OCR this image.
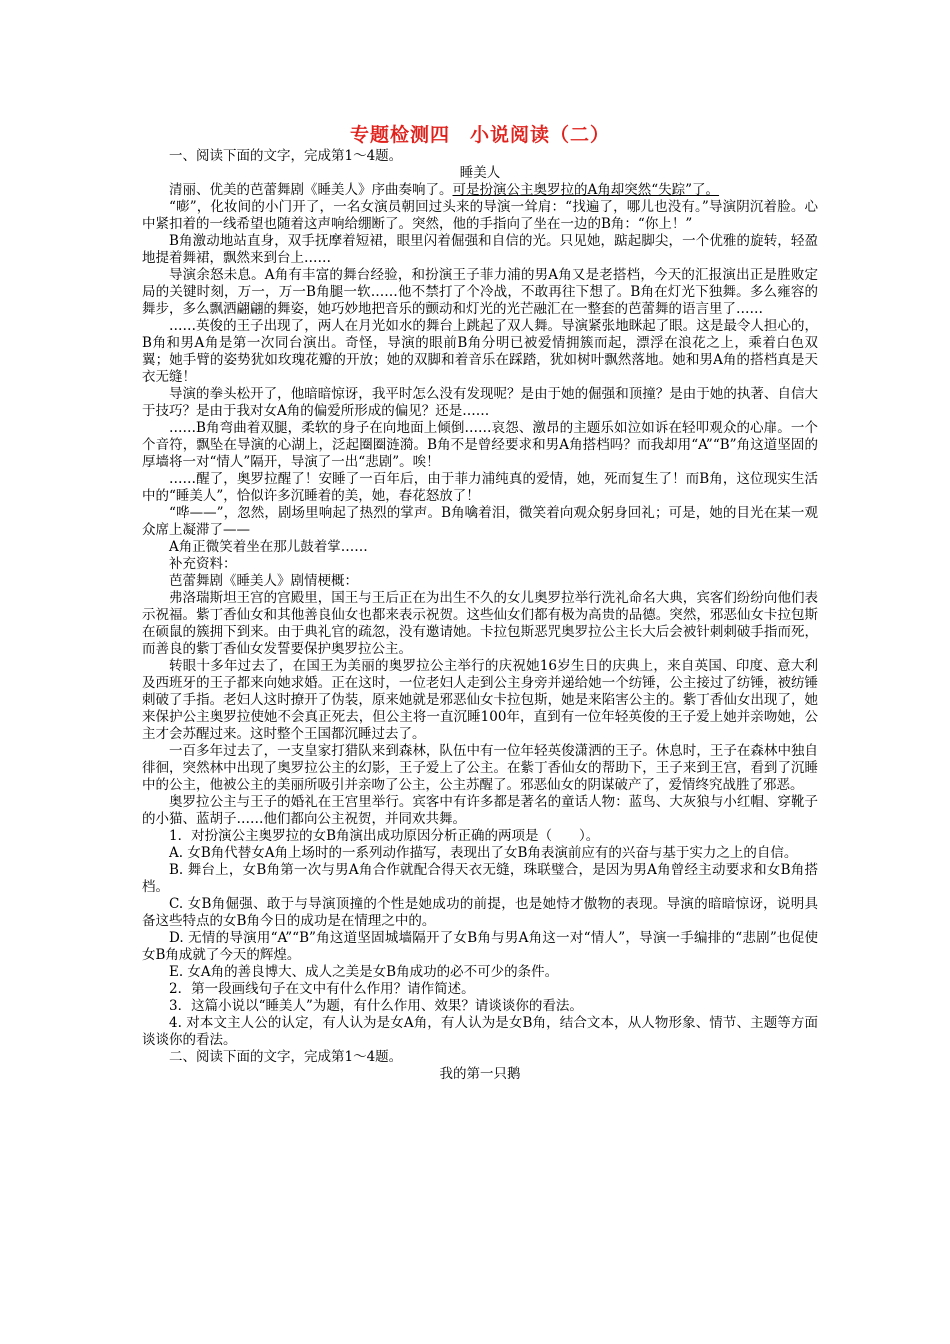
专题检测四　小说阅读（二）

一、阅读下面的文字，完成第1～4题。

睡美人

清丽、优美的芭蕾舞剧《睡美人》序曲奏响了。可是扮演公主奥罗拉的A角却突然“失踪”了。

“嘭”，化妆间的小门开了，一名女演员朝回过头来的导演一耸肩：“找遍了，哪儿也没有。”导演阴沉着脸。心中紧扣着的一线希望也随着这声响给绷断了。突然，他的手指向了坐在一边的B角：“你上！”

B角激动地站直身，双手抚摩着短裙，眼里闪着倔强和自信的光。只见她，踮起脚尖，一个优雅的旋转，轻盈地提着舞裙，飘然来到台上……

导演余怒未息。A角有丰富的舞台经验，和扮演王子菲力浦的男A角又是老搭档，今天的汇报演出正是胜败定局的关键时刻，万一，万一B角腿一软……他不禁打了个冷战，不敢再往下想了。B角在灯光下独舞。多么雍容的舞步，多么飘洒翩翩的舞姿，她巧妙地把音乐的颤动和灯光的光芒融汇在一整套的芭蕾舞的语言里了……

……英俊的王子出现了，两人在月光如水的舞台上跳起了双人舞。导演紧张地眯起了眼。这是最令人担心的，B角和男A角是第一次同台演出。奇怪，导演的眼前B角分明已被爱情拥簇而起，漂浮在浪花之上，乘着白色双翼；她手臂的姿势犹如玫瑰花瓣的开放；她的双脚和着音乐在踩踏，犹如树叶飘然落地。她和男A角的搭档真是天衣无缝！

导演的拳头松开了，他暗暗惊讶，我平时怎么没有发现呢？是由于她的倔强和顶撞？是由于她的执著、自信大于技巧？是由于我对女A角的偏爱所形成的偏见？还是……

……B角弯曲着双腿，柔软的身子在向地面上倾倒……哀怨、激昂的主题乐如泣如诉在轻叩观众的心扉。一个个音符，飘坠在导演的心湖上，泛起圈圈涟漪。B角不是曾经要求和男A角搭档吗？而我却用“A”“B”角这道坚固的厚墙将一对“情人”隔开，导演了一出“悲剧”。唉！

……醒了，奥罗拉醒了！安睡了一百年后，由于菲力浦纯真的爱情，她，死而复生了！而B角，这位现实生活中的“睡美人”，恰似许多沉睡着的美，她，春花怒放了！

“哗——”，忽然，剧场里响起了热烈的掌声。B角噙着泪，微笑着向观众躬身回礼；可是，她的目光在某一观众席上凝滞了——

A角正微笑着坐在那儿鼓着掌……

补充资料：

芭蕾舞剧《睡美人》剧情梗概：

弗洛瑞斯坦王宫的宫殿里，国王与王后正在为出生不久的女儿奥罗拉举行洗礼命名大典，宾客们纷纷向他们表示祝福。紫丁香仙女和其他善良仙女也都来表示祝贺。这些仙女们都有极为高贵的品德。突然，邪恶仙女卡拉包斯在硕鼠的簇拥下到来。由于典礼官的疏忽，没有邀请她。卡拉包斯恶咒奥罗拉公主长大后会被针刺刺破手指而死，而善良的紫丁香仙女发誓要保护奥罗拉公主。

转眼十多年过去了，在国王为美丽的奥罗拉公主举行的庆祝她16岁生日的庆典上，来自英国、印度、意大利及西班牙的王子都来向她求婚。正在这时，一位老妇人走到公主身旁并递给她一个纺锤，公主接过了纺锤，被纺锤刺破了手指。老妇人这时撩开了伪装，原来她就是邪恶仙女卡拉包斯，她是来陷害公主的。紫丁香仙女出现了，她来保护公主奥罗拉使她不会真正死去，但公主将一直沉睡100年，直到有一位年轻英俊的王子爱上她并亲吻她，公主才会苏醒过来。这时整个王国都沉睡过去了。

一百多年过去了，一支皇家打猎队来到森林，队伍中有一位年轻英俊潇洒的王子。休息时，王子在森林中独自徘徊，突然林中出现了奥罗拉公主的幻影，王子爱上了公主。在紫丁香仙女的帮助下，王子来到王宫，看到了沉睡中的公主，他被公主的美丽所吸引并亲吻了公主，公主苏醒了。邪恶仙女的阴谋破产了，爱情终究战胜了邪恶。

奥罗拉公主与王子的婚礼在王宫里举行。宾客中有许多都是著名的童话人物：蓝鸟、大灰狼与小红帽、穿靴子的小猫、蓝胡子……他们都向公主祝贺，并同欢共舞。

1．对扮演公主奥罗拉的女B角演出成功原因分析正确的两项是（　　）。

A. 女B角代替女A角上场时的一系列动作描写，表现出了女B角表演前应有的兴奋与基于实力之上的自信。

B. 舞台上，女B角第一次与男A角合作就配合得天衣无缝，珠联璧合，是因为男A角曾经主动要求和女B角搭档。

C. 女B角倔强、敢于与导演顶撞的个性是她成功的前提，也是她恃才傲物的表现。导演的暗暗惊讶，说明具备这些特点的女B角今日的成功是在情理之中的。

D. 无情的导演用“A”“B”角这道坚固城墙隔开了女B角与男A角这一对“情人”，导演一手编排的“悲剧”也促使女B角成就了今天的辉煌。

E. 女A角的善良博大、成人之美是女B角成功的必不可少的条件。

2．第一段画线句子在文中有什么作用？请作简述。

3．这篇小说以“睡美人”为题，有什么作用、效果？请谈谈你的看法。

4. 对本文主人公的认定，有人认为是女A角，有人认为是女B角，结合文本，从人物形象、情节、主题等方面谈谈你的看法。

二、阅读下面的文字，完成第1～4题。

我的第一只鹅
